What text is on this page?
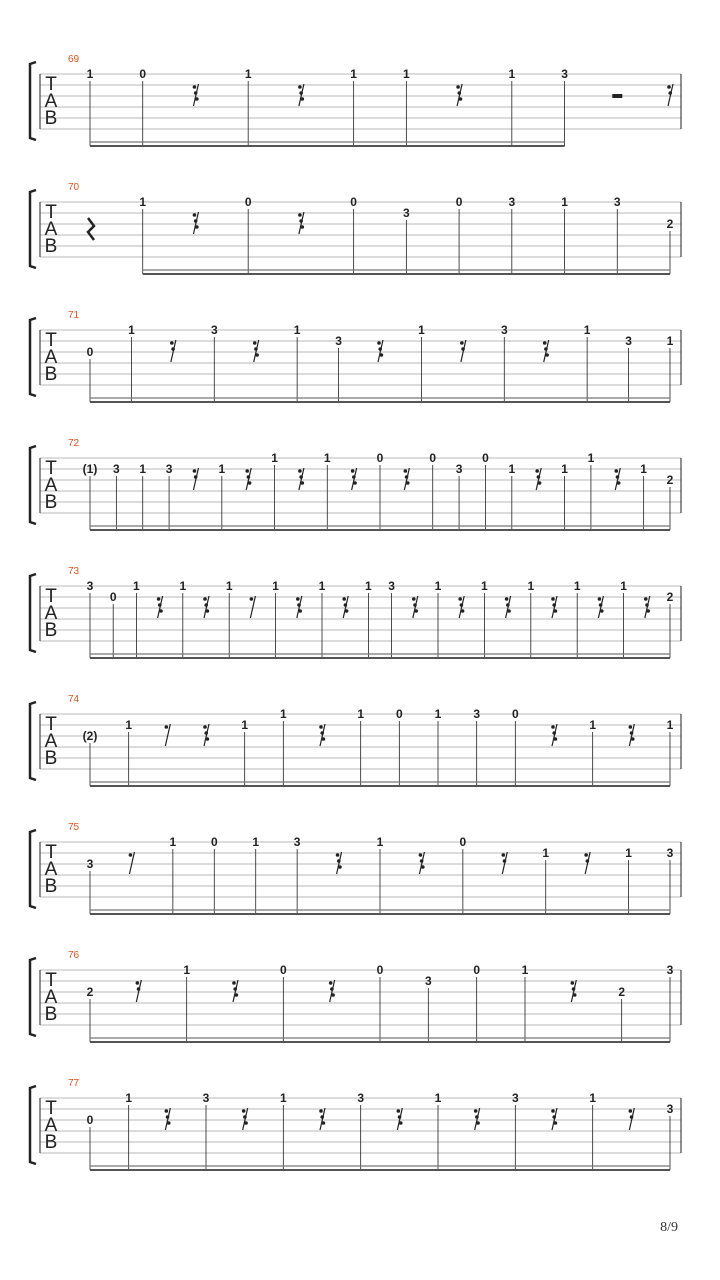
T
A
B
69
1	0	1	1	1	1	3
T
A
B
70
1	0	0
3
0	3	1	3
2
T
A
B
71
0
1	3	1
3
1	3	1
3	1
T
A
B
72
(1) 3 1 3	1
1	1	0	0
3
0
1	1
1
1
2
T
A
B
73
3
0
1	1	1	1	1	1 3	1	1	1	1	1
2
T
A
B
74
(2)
1	1
1	1	0	1	3	0
1	1
T
A
B
75
3
1	0	1	3	1	0
1	1	3
T
A
B
76
2
1	0	0
3
0	1
2
3
T
A
B
77
0
1	3	1	3	1	3	1
3
8/9
